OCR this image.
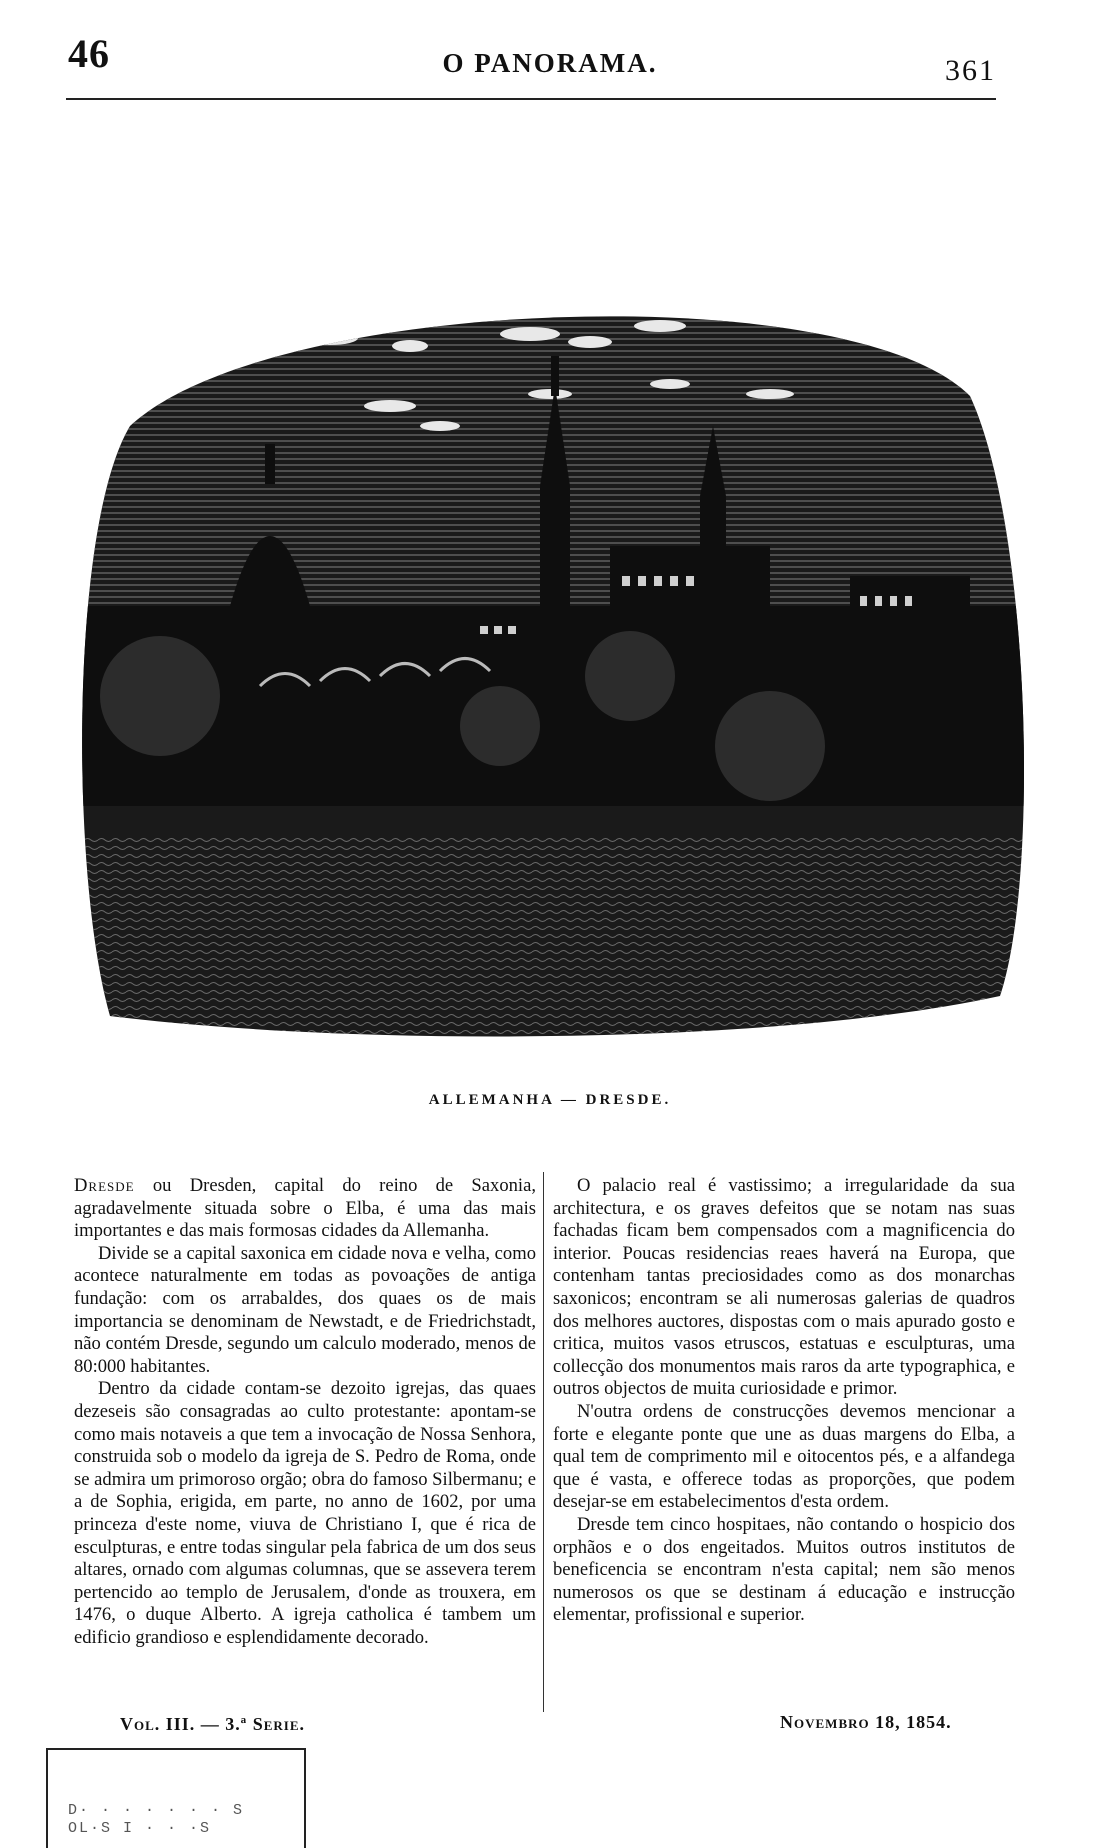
46	O PANORAMA.	361
ALLEMANHA — DRESDE.

Dresde ou Dresden, capital do reino de Saxonia, agradavelmente situada sobre o Elba, é uma das mais importantes e das mais formosas cidades da Allemanha.

Divide se a capital saxonica em cidade nova e velha, como acontece naturalmente em todas as povoações de antiga fundação: com os arrabaldes, dos quaes os de mais importancia se denominam de Newstadt, e de Friedrichstadt, não contém Dresde, segundo um calculo moderado, menos de 80:000 habitantes.

Dentro da cidade contam-se dezoito igrejas, das quaes dezeseis são consagradas ao culto protestante: apontam-se como mais notaveis a que tem a invocação de Nossa Senhora, construida sob o modelo da igreja de S. Pedro de Roma, onde se admira um primoroso orgão; obra do famoso Silbermanu; e a de Sophia, erigida, em parte, no anno de 1602, por uma princeza d'este nome, viuva de Christiano I, que é rica de esculpturas, e entre todas singular pela fabrica de um dos seus altares, ornado com algumas columnas, que se assevera terem pertencido ao templo de Jerusalem, d'onde as trouxera, em 1476, o duque Alberto. A igreja catholica é tambem um edificio grandioso e esplendidamente decorado.

O palacio real é vastissimo; a irregularidade da sua architectura, e os graves defeitos que se notam nas suas fachadas ficam bem compensados com a magnificencia do interior. Poucas residencias reaes haverá na Europa, que contenham tantas preciosidades como as dos monarchas saxonicos; encontram se ali numerosas galerias de quadros dos melhores auctores, dispostas com o mais apurado gosto e critica, muitos vasos etruscos, estatuas e esculpturas, uma collecção dos monumentos mais raros da arte typographica, e outros objectos de muita curiosidade e primor.

N'outra ordens de construcções devemos mencionar a forte e elegante ponte que une as duas margens do Elba, a qual tem de comprimento mil e oitocentos pés, e a alfandega que é vasta, e offerece todas as proporções, que podem desejar-se em estabelecimentos d'esta ordem.

Dresde tem cinco hospitaes, não contando o hospicio dos orphãos e o dos engeitados. Muitos outros institutos de beneficencia se encontram n'esta capital; nem são menos numerosos os que se destinam á educação e instrucção elementar, profissional e superior.

Vol. III. — 3.ª Serie.	Novembro 18, 1854.
D· · · · · · · S
OL·S I · · ·S
